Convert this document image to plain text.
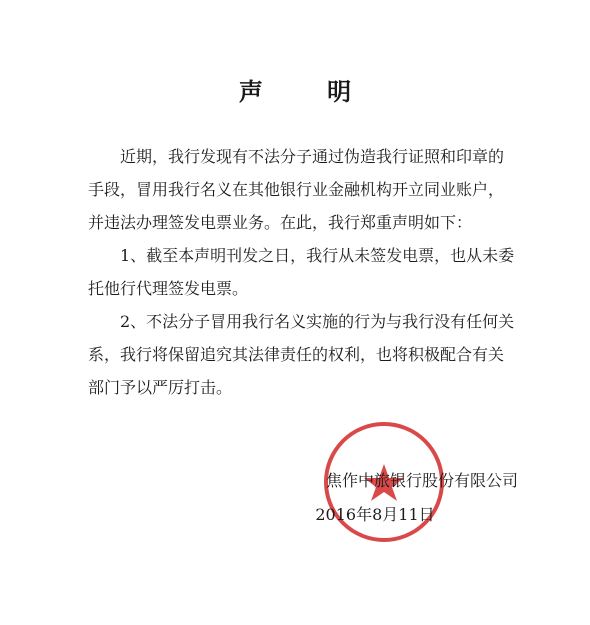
声 明

近期，我行发现有不法分子通过伪造我行证照和印章的手段，冒用我行名义在其他银行业金融机构开立同业账户，并违法办理签发电票业务。在此，我行郑重声明如下：

1、截至本声明刊发之日，我行从未签发电票，也从未委托他行代理签发电票。

2、不法分子冒用我行名义实施的行为与我行没有任何关系，我行将保留追究其法律责任的权利，也将积极配合有关部门予以严厉打击。

焦作中旅银行股份有限公司
2016年8月11日
